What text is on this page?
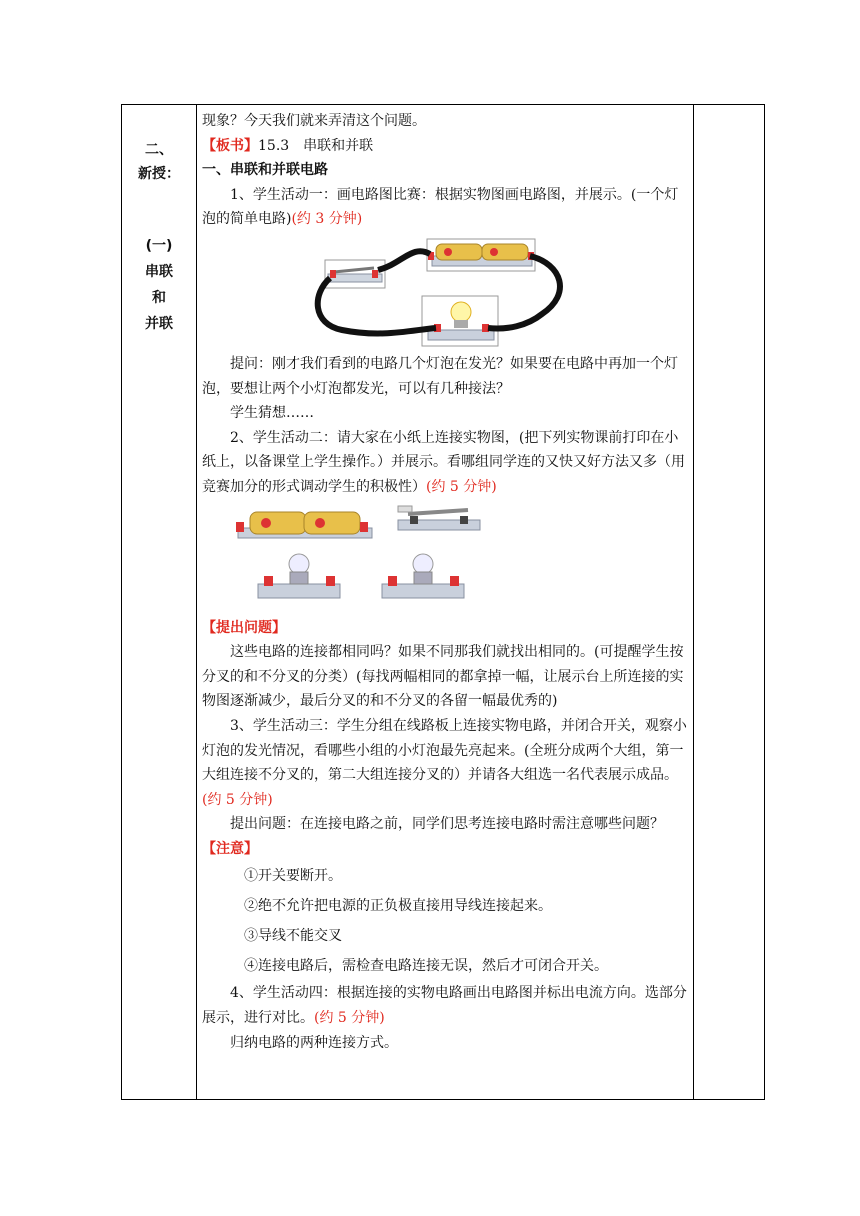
二、
新授：
(一)
串联
和
并联

现象？今天我们就来弄清这个问题。

【板书】15.3　串联和并联

一、串联和并联电路

1、学生活动一：画电路图比赛：根据实物图画电路图，并展示。(一个灯泡的简单电路)(约 3 分钟)

提问：刚才我们看到的电路几个灯泡在发光？如果要在电路中再加一个灯泡，要想让两个小灯泡都发光，可以有几种接法？

学生猜想……

2、学生活动二：请大家在小纸上连接实物图，(把下列实物课前打印在小纸上，以备课堂上学生操作。）并展示。看哪组同学连的又快又好方法又多（用竞赛加分的形式调动学生的积极性）(约 5 分钟)

【提出问题】

这些电路的连接都相同吗？如果不同那我们就找出相同的。(可提醒学生按分叉的和不分叉的分类）(每找两幅相同的都拿掉一幅，让展示台上所连接的实物图逐渐减少，最后分叉的和不分叉的各留一幅最优秀的)

3、学生活动三：学生分组在线路板上连接实物电路，并闭合开关，观察小灯泡的发光情况，看哪些小组的小灯泡最先亮起来。(全班分成两个大组，第一大组连接不分叉的，第二大组连接分叉的）并请各大组选一名代表展示成品。(约 5 分钟)

提出问题：在连接电路之前，同学们思考连接电路时需注意哪些问题？

【注意】

①开关要断开。

②绝不允许把电源的正负极直接用导线连接起来。

③导线不能交叉

④连接电路后，需检查电路连接无误，然后才可闭合开关。

4、学生活动四：根据连接的实物电路画出电路图并标出电流方向。选部分展示，进行对比。(约 5 分钟)

归纳电路的两种连接方式。
